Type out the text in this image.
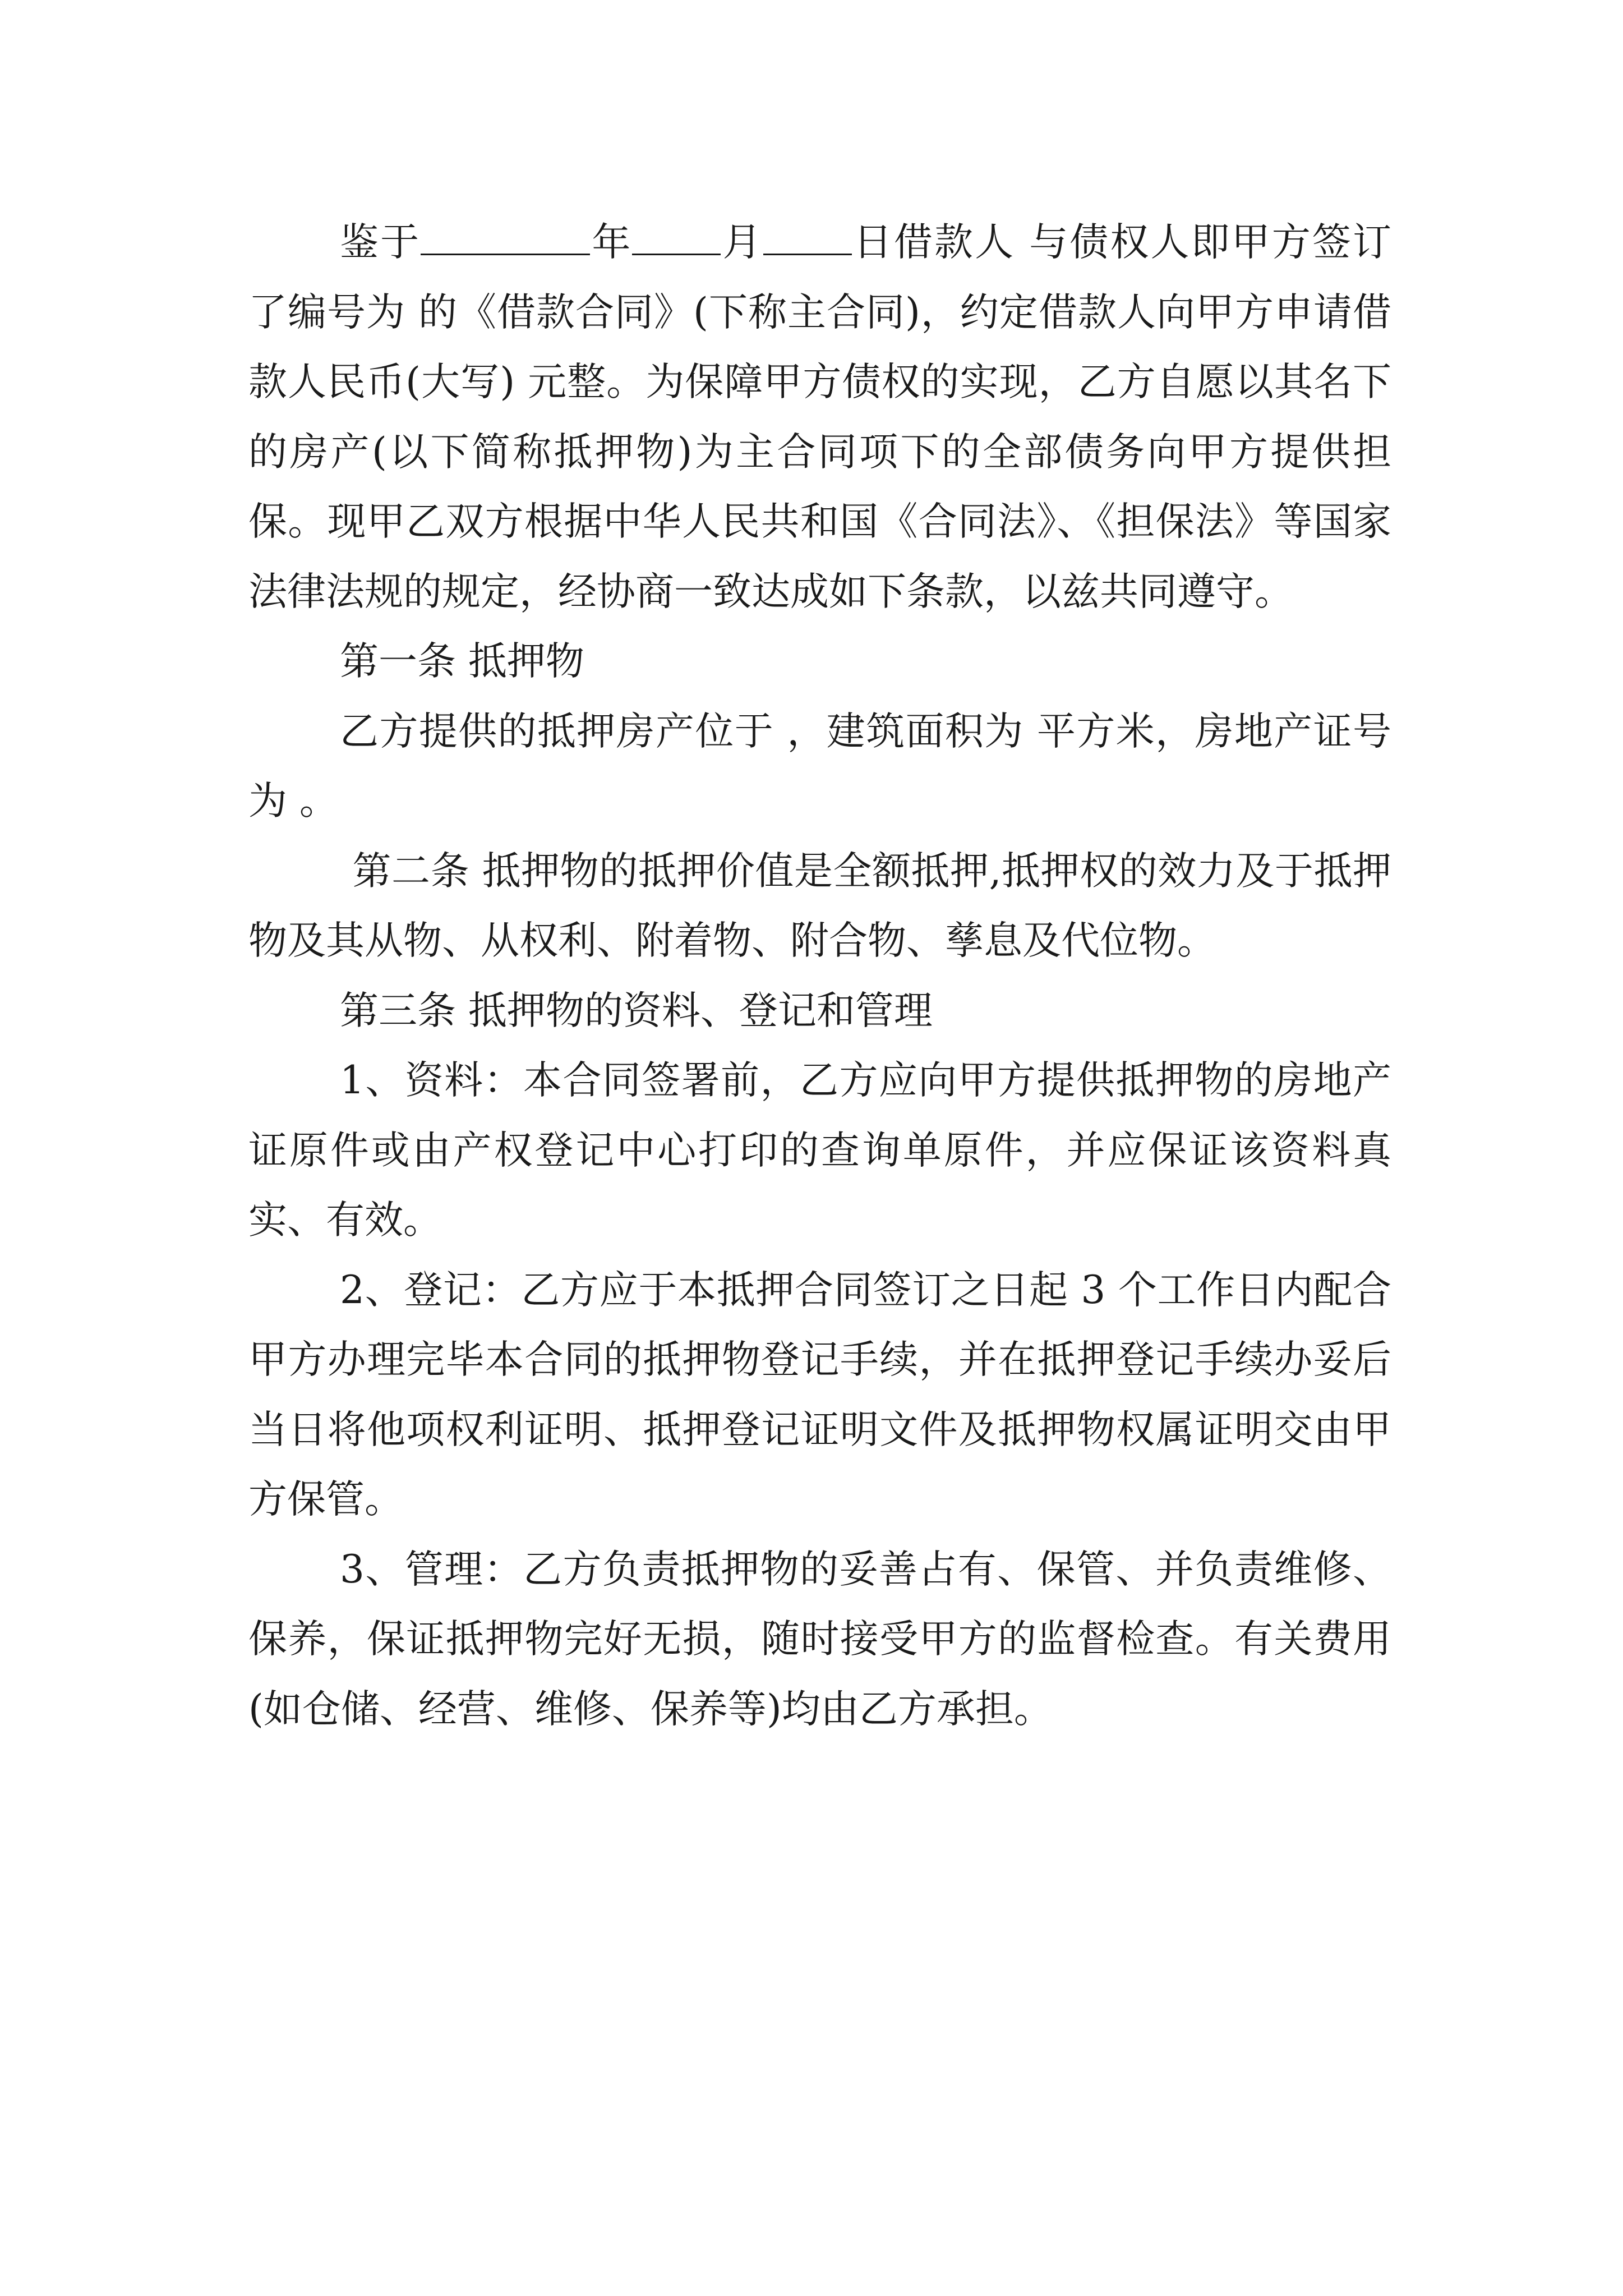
鉴于	年 月 日借款人 与债权人即甲方签订了编号为 的《借款合同》(下称主合同)，约定借款人向甲方申请借款人民币(大写) 元整。为保障甲方债权的实现，乙方自愿以其名下的房产(以下简称抵押物)为主合同项下的全部债务向甲方提供担保。现甲乙双方根据中华人民共和国《合同法》、《担保法》等国家法律法规的规定，经协商一致达成如下条款，以兹共同遵守。

第一条 抵押物

乙方提供的抵押房产位于 ，建筑面积为 平方米，房地产证号为 。

第二条 抵押物的抵押价值是全额抵押,抵押权的效力及于抵押物及其从物、从权利、附着物、附合物、孳息及代位物。

第三条 抵押物的资料、登记和管理

1、资料：本合同签署前，乙方应向甲方提供抵押物的房地产证原件或由产权登记中心打印的查询单原件，并应保证该资料真实、有效。

2、登记：乙方应于本抵押合同签订之日起 3 个工作日内配合甲方办理完毕本合同的抵押物登记手续，并在抵押登记手续办妥后当日将他项权利证明、抵押登记证明文件及抵押物权属证明交由甲方保管。

3、管理：乙方负责抵押物的妥善占有、保管、并负责维修、保养，保证抵押物完好无损，随时接受甲方的监督检查。有关费用(如仓储、经营、维修、保养等)均由乙方承担。
